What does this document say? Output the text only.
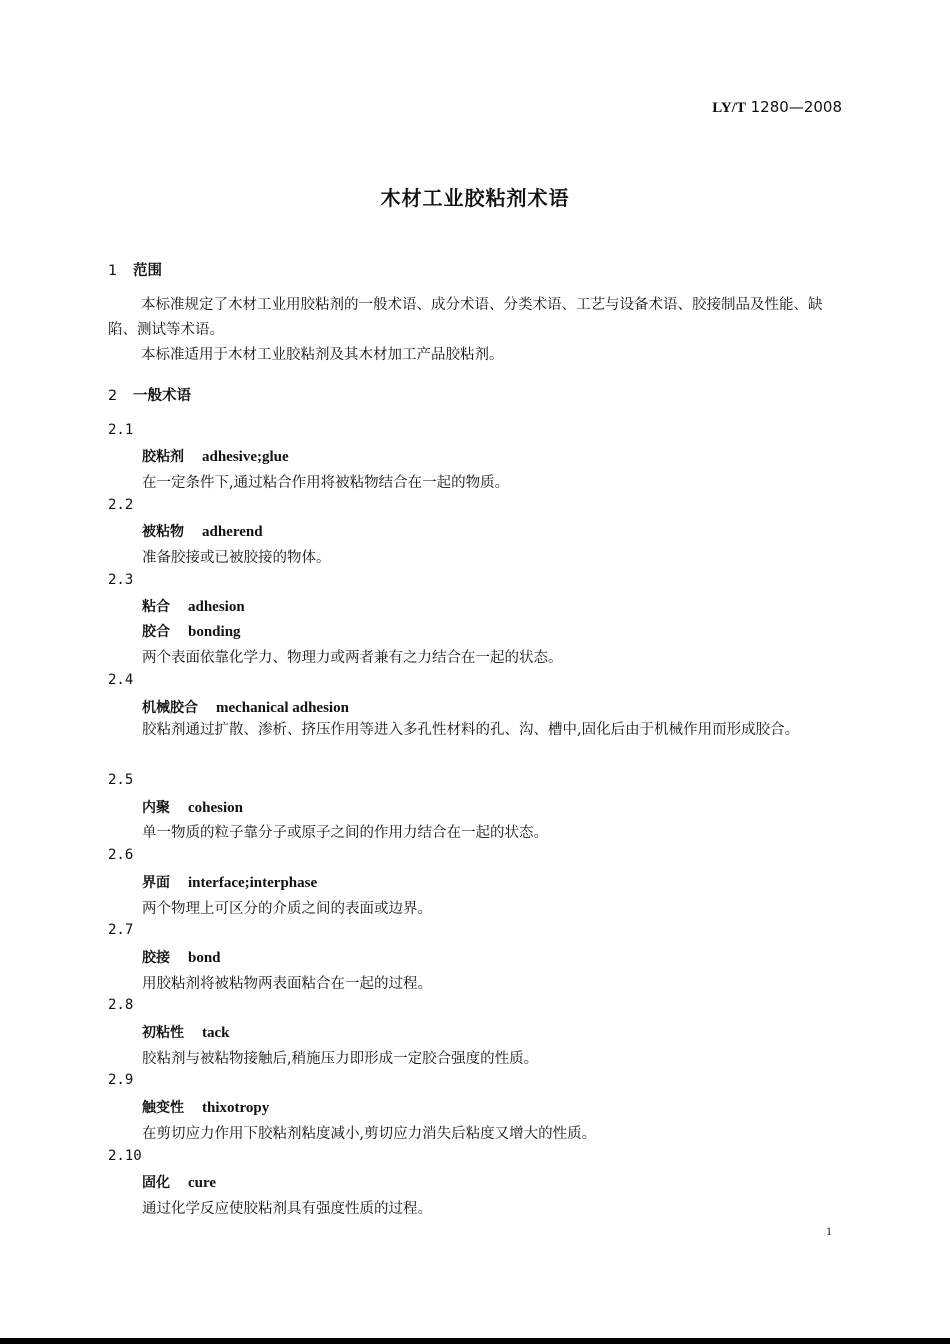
LY/T 1280—2008
木材工业胶粘剂术语
1 范围

本标准规定了木材工业用胶粘剂的一般术语、成分术语、分类术语、工艺与设备术语、胶接制品及性能、缺陷、测试等术语。

本标准适用于木材工业胶粘剂及其木材加工产品胶粘剂。

2 一般术语
2.1
胶粘剂 adhesive;glue
在一定条件下,通过粘合作用将被粘物结合在一起的物质。
2.2
被粘物 adherend
准备胶接或已被胶接的物体。
2.3
粘合 adhesion
胶合 bonding
两个表面依靠化学力、物理力或两者兼有之力结合在一起的状态。
2.4
机械胶合 mechanical adhesion
胶粘剂通过扩散、渗析、挤压作用等进入多孔性材料的孔、沟、槽中,固化后由于机械作用而形成胶合。
2.5
内聚 cohesion
单一物质的粒子靠分子或原子之间的作用力结合在一起的状态。
2.6
界面 interface;interphase
两个物理上可区分的介质之间的表面或边界。
2.7
胶接 bond
用胶粘剂将被粘物两表面粘合在一起的过程。
2.8
初粘性 tack
胶粘剂与被粘物接触后,稍施压力即形成一定胶合强度的性质。
2.9
触变性 thixotropy
在剪切应力作用下胶粘剂粘度减小,剪切应力消失后粘度又增大的性质。
2.10
固化 cure
通过化学反应使胶粘剂具有强度性质的过程。
1
